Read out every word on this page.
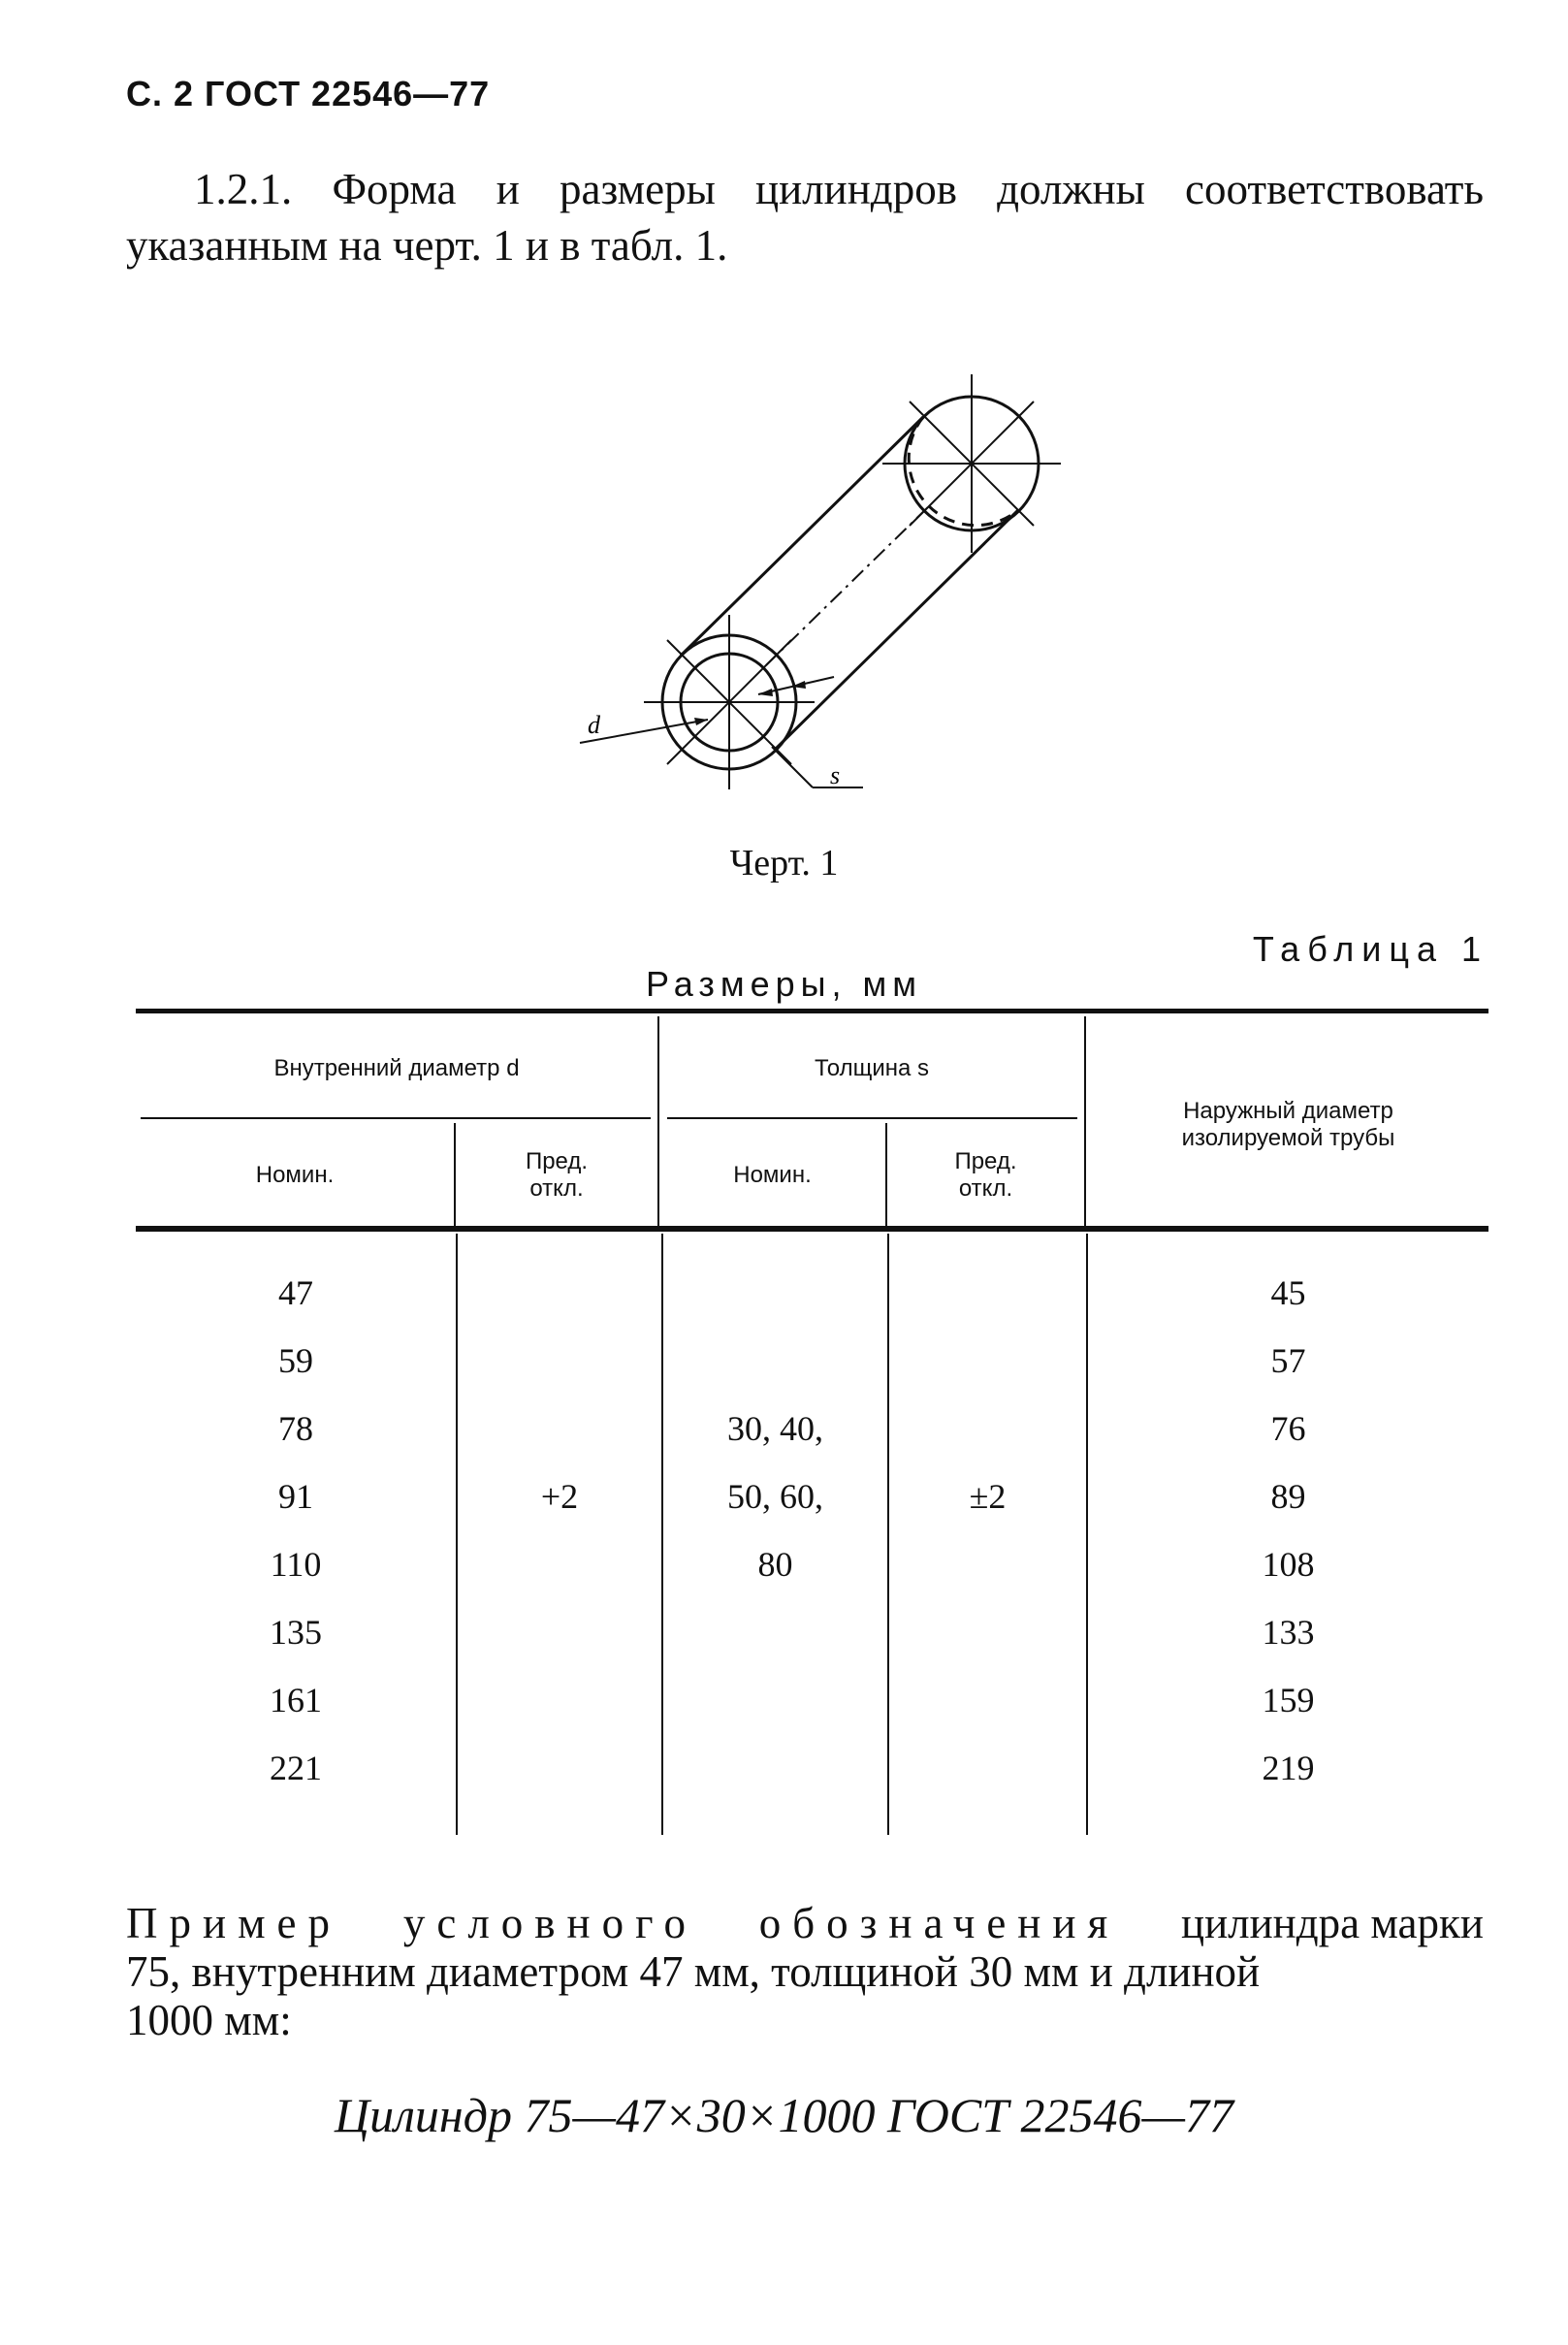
С. 2 ГОСТ 22546—77
1.2.1. Форма и размеры цилиндров должны соответствовать указанным на черт. 1 и в табл. 1.
d
s
Черт. 1
Таблица 1
Размеры, мм
Внутренний диаметр d	Толщина s
Наружный диаметр
изолируемой трубы
Номин.
Пред.
откл.
Номин.
Пред.
откл.
47
59
78
91
110
135
161
221
+2
30, 40,
50, 60,
80
±2
45
57
76
89
108
133
159
219
Пример условного обозначения цилиндра марки
75, внутренним диаметром 47 мм, толщиной 30 мм и длиной
1000 мм:
Цилиндр 75—47×30×1000 ГОСТ 22546—77
